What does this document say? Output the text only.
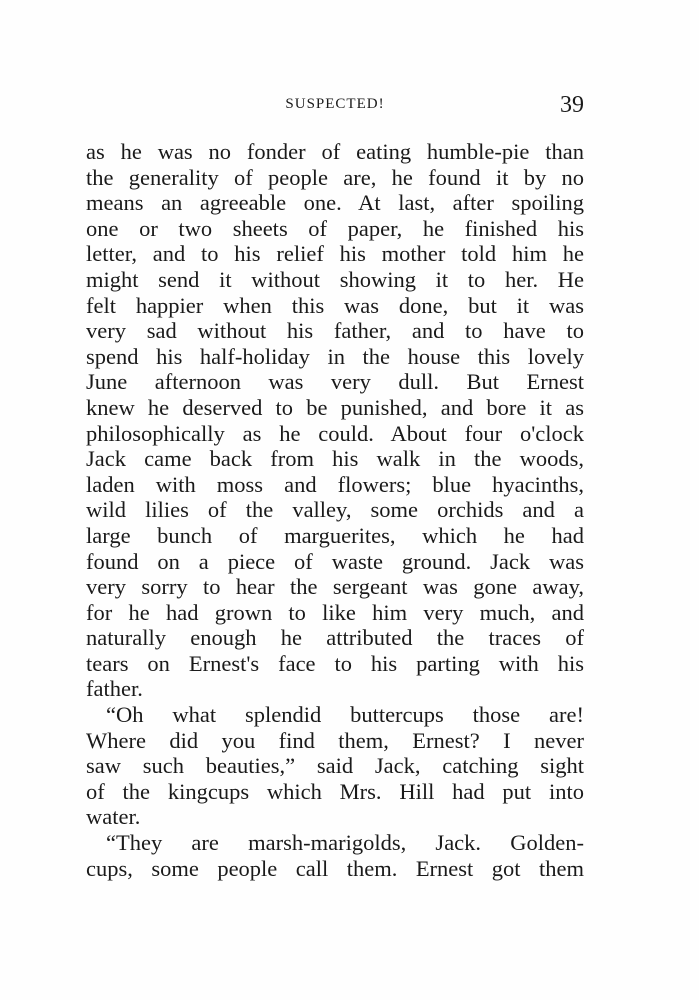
SUSPECTED!	39
as he was no fonder of eating humble-pie than
the generality of people are, he found it by no
means an agreeable one. At last, after spoiling
one or two sheets of paper, he finished his
letter, and to his relief his mother told him he
might send it without showing it to her. He
felt happier when this was done, but it was
very sad without his father, and to have to
spend his half-holiday in the house this lovely
June afternoon was very dull. But Ernest
knew he deserved to be punished, and bore it as
philosophically as he could. About four o'clock
Jack came back from his walk in the woods,
laden with moss and flowers; blue hyacinths,
wild lilies of the valley, some orchids and a
large bunch of marguerites, which he had
found on a piece of waste ground. Jack was
very sorry to hear the sergeant was gone away,
for he had grown to like him very much, and
naturally enough he attributed the traces of
tears on Ernest's face to his parting with his
father.
“Oh what splendid buttercups those are!
Where did you find them, Ernest? I never
saw such beauties,” said Jack, catching sight
of the kingcups which Mrs. Hill had put into
water.
“They are marsh-marigolds, Jack. Golden-
cups, some people call them. Ernest got them
